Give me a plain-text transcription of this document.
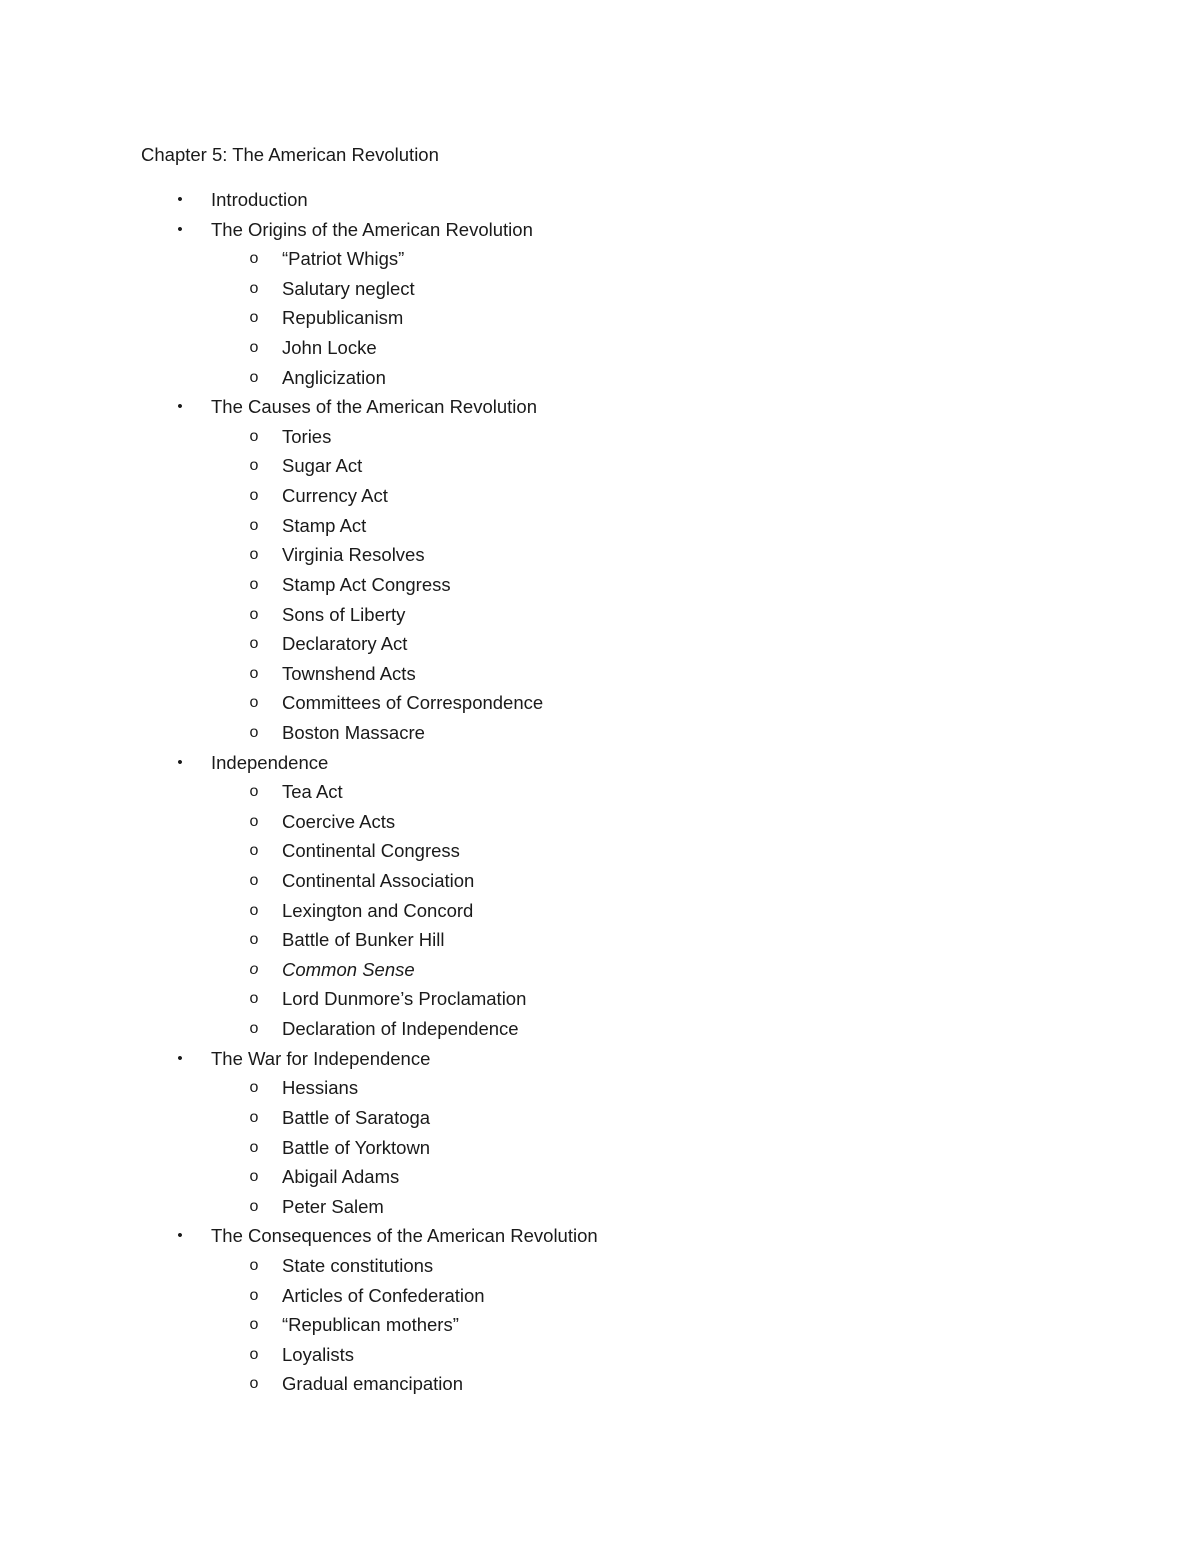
Chapter 5: The American Revolution
•	Introduction
•	The Origins of the American Revolution
o “Patriot Whigs”
o Salutary neglect
o Republicanism
o John Locke
o Anglicization
•	The Causes of the American Revolution
o Tories
o Sugar Act
o Currency Act
o Stamp Act
o Virginia Resolves
o Stamp Act Congress
o Sons of Liberty
o Declaratory Act
o Townshend Acts
o Committees of Correspondence
o Boston Massacre
•	Independence
o Tea Act
o Coercive Acts
o Continental Congress
o Continental Association
o Lexington and Concord
o Battle of Bunker Hill
o Common Sense
o Lord Dunmore’s Proclamation
o Declaration of Independence
•	The War for Independence
o Hessians
o Battle of Saratoga
o Battle of Yorktown
o Abigail Adams
o Peter Salem
•	The Consequences of the American Revolution
o State constitutions
o Articles of Confederation
o “Republican mothers”
o Loyalists
o Gradual emancipation
